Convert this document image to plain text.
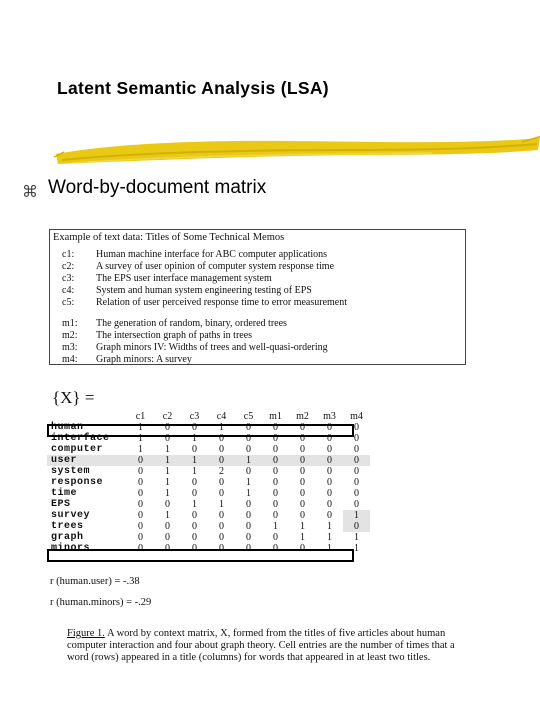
Latent Semantic Analysis (LSA)
⌘ Word-by-document matrix
Example of text data: Titles of Some Technical Memos
c1: Human machine interface for ABC computer applications
c2: A survey of user opinion of computer system response time
c3: The EPS user interface management system
c4: System and human system engineering testing of EPS
c5: Relation of user perceived response time to error measurement
m1: The generation of random, binary, ordered trees
m2: The intersection graph of paths in trees
m3: Graph minors IV: Widths of trees and well-quasi-ordering
m4: Graph minors: A survey
{X} =
	c1	c2	c3	c4	c5	m1	m2	m3	m4
human	1	0	0	1	0	0	0	0	0
interface	1	0	1	0	0	0	0	0	0
computer	1	1	0	0	0	0	0	0	0
user	0	1	1	0	1	0	0	0	0
system	0	1	1	2	0	0	0	0	0
response	0	1	0	0	1	0	0	0	0
time	0	1	0	0	1	0	0	0	0
EPS	0	0	1	1	0	0	0	0	0
survey	0	1	0	0	0	0	0	0	1
trees	0	0	0	0	0	1	1	1	0
graph	0	0	0	0	0	0	1	1	1
minors	0	0	0	0	0	0	0	1	1
r (human.user) = -.38
r (human.minors) = -.29

Figure 1. A word by context matrix, X, formed from the titles of five articles about human computer interaction and four about graph theory. Cell entries are the number of times that a word (rows) appeared in a title (columns) for words that appeared in at least two titles.
